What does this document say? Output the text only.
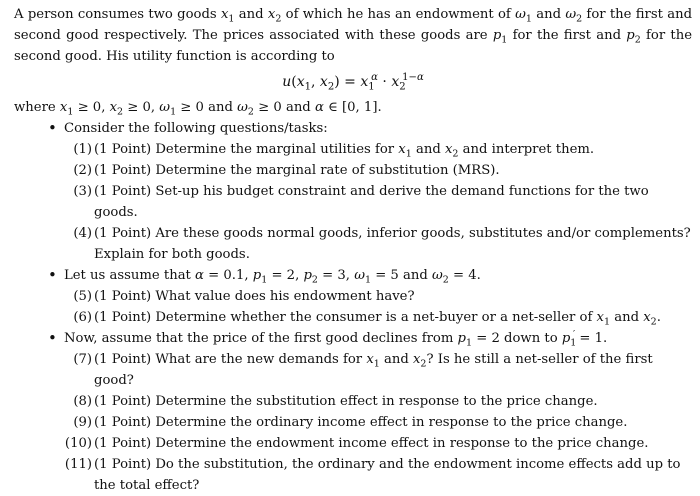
A person consumes two goods $x_1$ and $x_2$ of which he has an endowment of $\omega_1$ and $\omega_2$ for the first and second good respectively. The prices associated with these goods are $p_1$ for the first and $p_2$ for the second good. His utility function is according to

$u(x_1$, $x_2) = x_1^\alpha \cdot x_2^{1-\alpha}$

where $x_1 \ge 0$, $x_2 \ge 0$, $\omega_1 \ge 0$ and $\omega_2 \ge 0$ and α ∈ [0, 1].

• Consider the following questions/tasks:
(1) (1 Point) Determine the marginal utilities for $x_1$ and $x_2$ and interpret them.
(2) (1 Point) Determine the marginal rate of substitution (MRS).
(3) (1 Point) Set-up his budget constraint and derive the demand functions for the two goods.
(4) (1 Point) Are these goods normal goods, inferior goods, substitutes and/or complements? Explain for both goods.
• Let us assume that α = 0.1, $p_1 = 2$, $p_2 = 3$, $\omega_1 = 5$ and $\omega_2 = 4$.
(5) (1 Point) What value does his endowment have?
(6) (1 Point) Determine whether the consumer is a net-buyer or a net-seller of $x_1$ and $x_2$.
• Now, assume that the price of the first good declines from $p_1 = 2$ down to $p_1' = 1$.
(7) (1 Point) What are the new demands for $x_1$ and $x_2$? Is he still a net-seller of the first good?
(8) (1 Point) Determine the substitution effect in response to the price change.
(9) (1 Point) Determine the ordinary income effect in response to the price change.
(10) (1 Point) Determine the endowment income effect in response to the price change.
(11) (1 Point) Do the substitution, the ordinary and the endowment income effects add up to the total effect?
